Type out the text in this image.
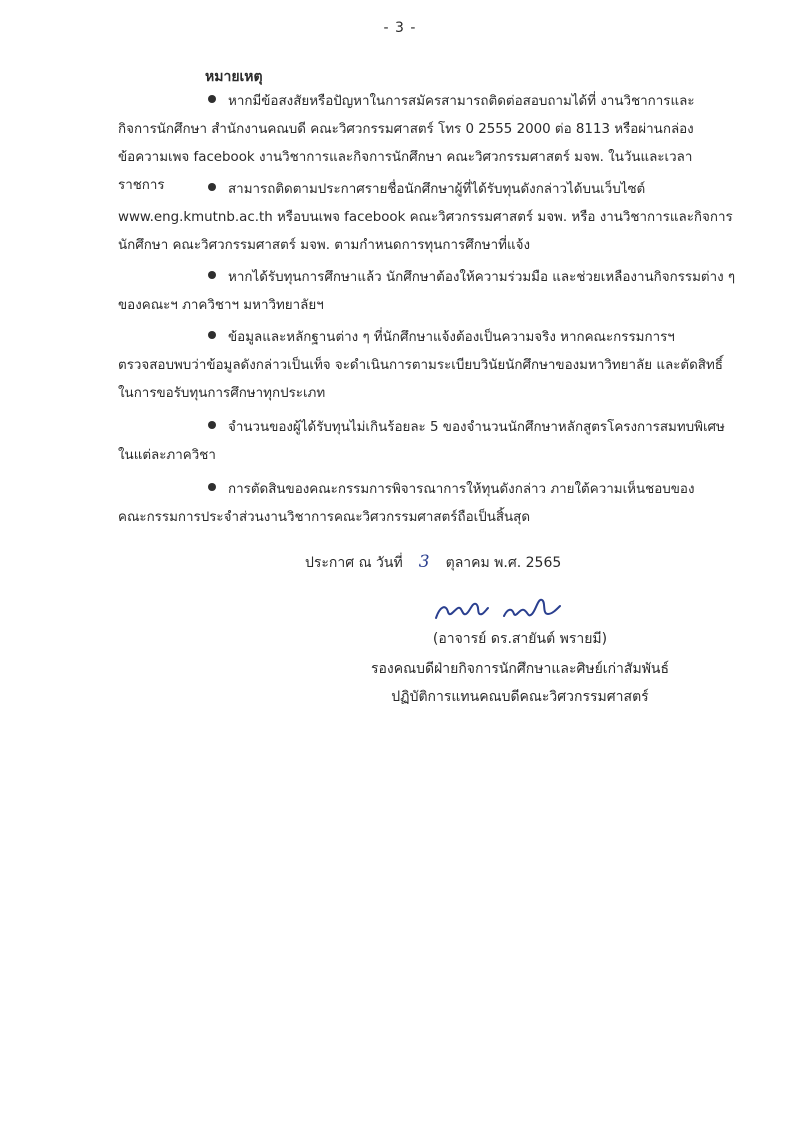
- 3 -
หมายเหตุ
หากมีข้อสงสัยหรือปัญหาในการสมัครสามารถติดต่อสอบถามได้ที่ งานวิชาการและ
กิจการนักศึกษา สำนักงานคณบดี คณะวิศวกรรมศาสตร์ โทร 0 2555 2000 ต่อ 8113 หรือผ่านกล่องข้อความเพจ facebook งานวิชาการและกิจการนักศึกษา คณะวิศวกรรมศาสตร์ มจพ. ในวันและเวลาราชการ	สามารถติดตามประกาศรายชื่อนักศึกษาผู้ที่ได้รับทุนดังกล่าวได้บนเว็บไซต์
www.eng.kmutnb.ac.th หรือบนเพจ facebook คณะวิศวกรรมศาสตร์ มจพ. หรือ งานวิชาการและกิจการนักศึกษา คณะวิศวกรรมศาสตร์ มจพ. ตามกำหนดการทุนการศึกษาที่แจ้ง
หากได้รับทุนการศึกษาแล้ว นักศึกษาต้องให้ความร่วมมือ และช่วยเหลืองานกิจกรรมต่าง ๆ
ของคณะฯ ภาควิชาฯ มหาวิทยาลัยฯ
ข้อมูลและหลักฐานต่าง ๆ ที่นักศึกษาแจ้งต้องเป็นความจริง หากคณะกรรมการฯ
ตรวจสอบพบว่าข้อมูลดังกล่าวเป็นเท็จ จะดำเนินการตามระเบียบวินัยนักศึกษาของมหาวิทยาลัย และตัดสิทธิ์ในการขอรับทุนการศึกษาทุกประเภท
จำนวนของผู้ได้รับทุนไม่เกินร้อยละ 5 ของจำนวนนักศึกษาหลักสูตรโครงการสมทบพิเศษ
ในแต่ละภาควิชา
การตัดสินของคณะกรรมการพิจารณาการให้ทุนดังกล่าว ภายใต้ความเห็นชอบของ
คณะกรรมการประจำส่วนงานวิชาการคณะวิศวกรรมศาสตร์ถือเป็นสิ้นสุด
ประกาศ ณ วันที่ 3 ตุลาคม พ.ศ. 2565
(อาจารย์ ดร.สายันต์ พรายมี)
รองคณบดีฝ่ายกิจการนักศึกษาและศิษย์เก่าสัมพันธ์
ปฏิบัติการแทนคณบดีคณะวิศวกรรมศาสตร์
